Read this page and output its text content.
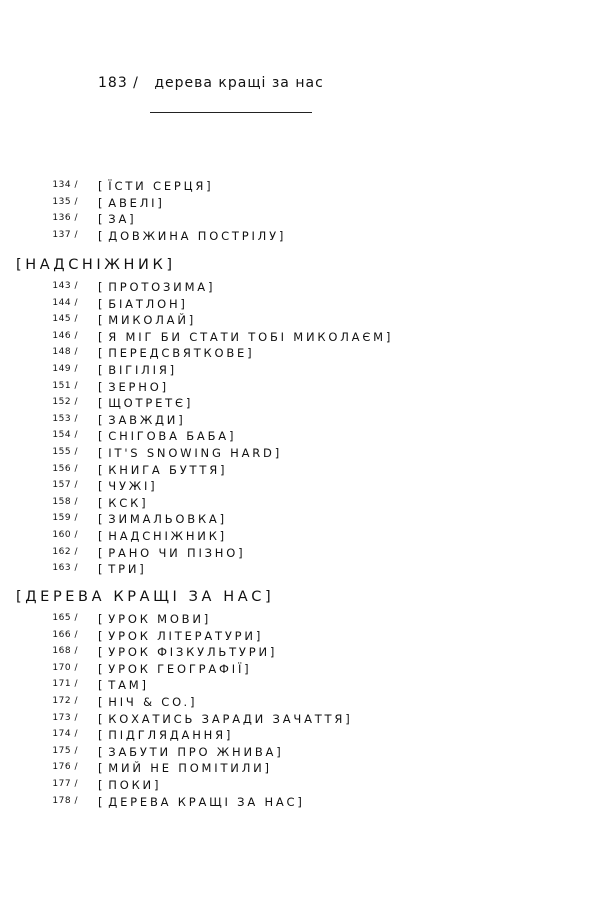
183 / дерева кращі за нас
134 /	[ ЇСТИ СЕРЦЯ ]
135 /	[ АВЕЛІ ]
136 /	[ ЗА ]
137 /	[ ДОВЖИНА ПОСТРІЛУ ]
[НАДСНІЖНИК]
143 /	[ ПРОТОЗИМА ]
144 /	[ БІАТЛОН ]
145 /	[ МИКОЛАЙ ]
146 /	[ Я МІГ БИ СТАТИ ТОБІ МИКОЛАЄМ ]
148 /	[ ПЕРЕДСВЯТКОВЕ ]
149 /	[ ВІГІЛІЯ ]
151 /	[ ЗЕРНО ]
152 /	[ ЩОТРЕТЄ ]
153 /	[ ЗАВЖДИ ]
154 /	[ СНІГОВА БАБА ]
155 /	[ IT'S SNOWING HARD ]
156 /	[ КНИГА БУТТЯ ]
157 /	[ ЧУЖІ ]
158 /	[ КСК ]
159 /	[ ЗИМАЛЬОВКА ]
160 /	[ НАДСНІЖНИК ]
162 /	[ РАНО ЧИ ПІЗНО ]
163 /	[ ТРИ ]
[ДЕРЕВА КРАЩІ ЗА НАС]
165 /	[ УРОК МОВИ ]
166 /	[ УРОК ЛІТЕРАТУРИ ]
168 /	[ УРОК ФІЗКУЛЬТУРИ ]
170 /	[ УРОК ГЕОГРАФІЇ ]
171 /	[ ТАМ ]
172 /	[ НІЧ & CO. ]
173 /	[ КОХАТИСЬ ЗАРАДИ ЗАЧАТТЯ ]
174 /	[ ПІДГЛЯДАННЯ ]
175 /	[ ЗАБУТИ ПРО ЖНИВА ]
176 /	[ МИЙ НЕ ПОМІТИЛИ ]
177 /	[ ПОКИ ]
178 /	[ ДЕРЕВА КРАЩІ ЗА НАС ]
